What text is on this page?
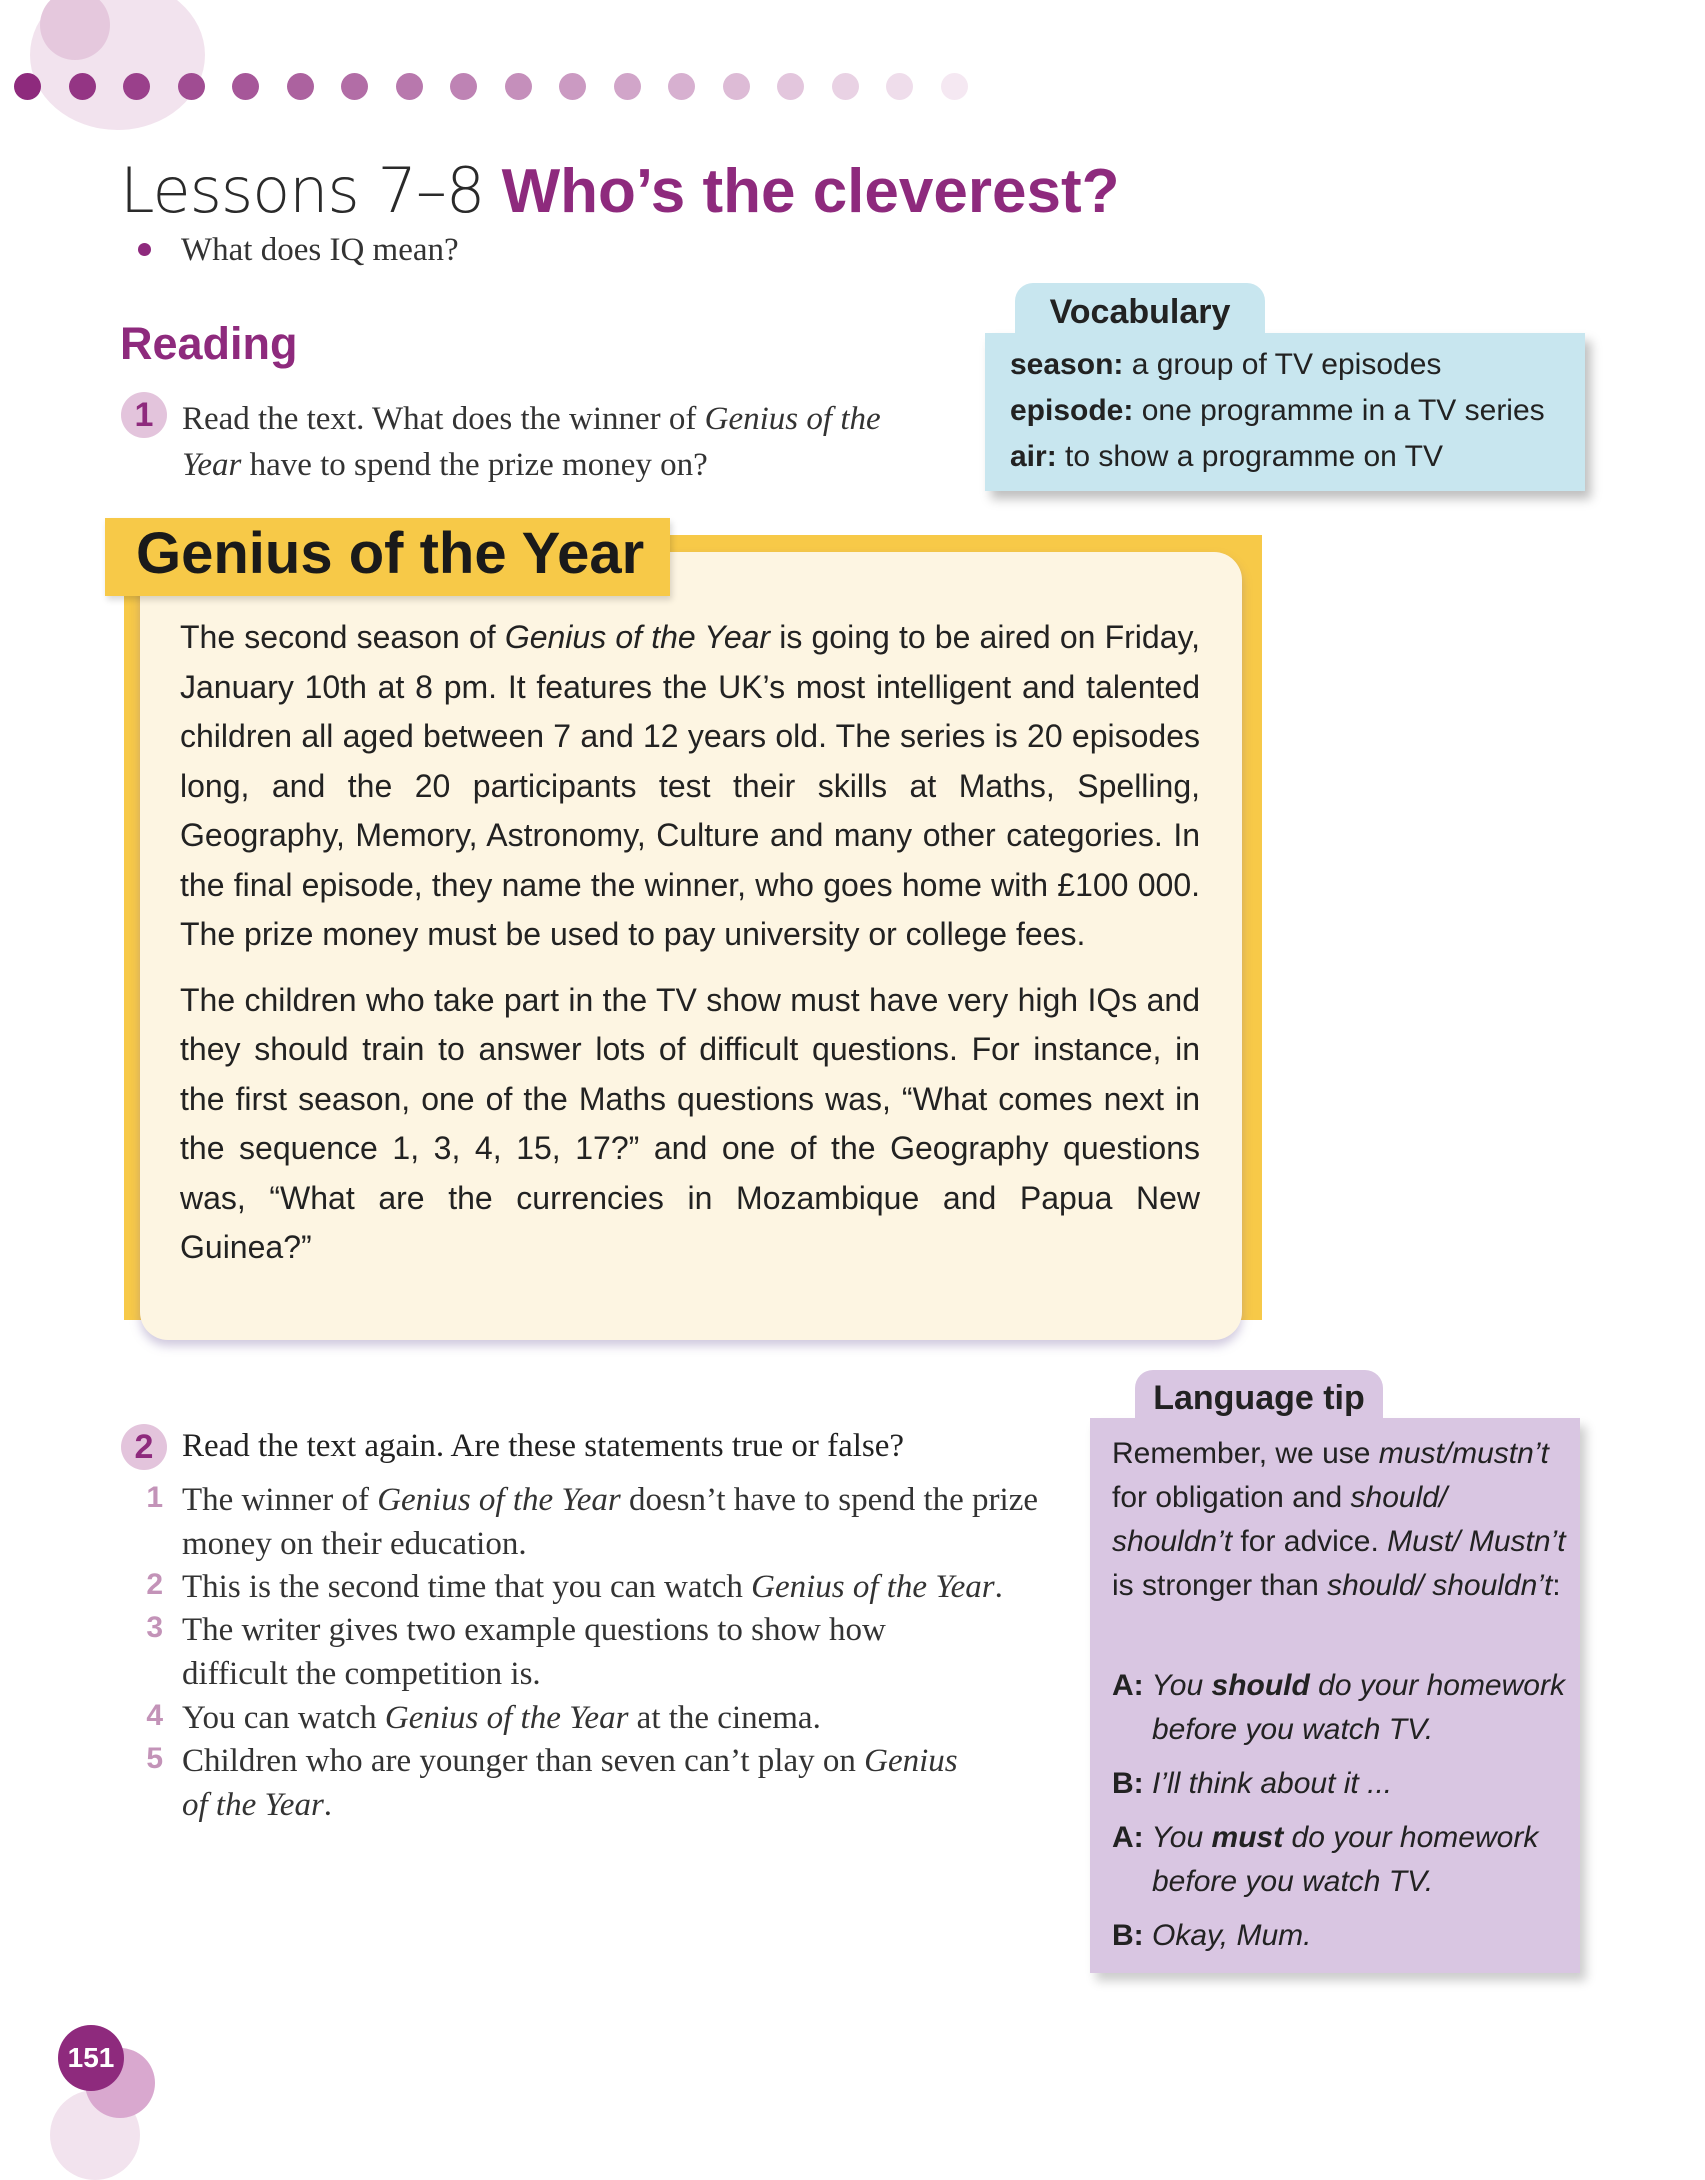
Lessons 7–8 Who’s the cleverest?
What does IQ mean?
Reading
1 Read the text. What does the winner of Genius of the Year have to spend the prize money on?
Vocabulary
season: a group of TV episodes
episode: one programme in a TV series
air: to show a programme on TV
Genius of the Year

The second season of Genius of the Year is going to be aired on Friday, January 10th at 8 pm. It features the UK’s most intelligent and talented children all aged between 7 and 12 years old. The series is 20 episodes long, and the 20 participants test their skills at Maths, Spelling, Geography, Memory, Astronomy, Culture and many other categories. In the final episode, they name the winner, who goes home with £100 000. The prize money must be used to pay university or college fees.

The children who take part in the TV show must have very high IQs and they should train to answer lots of difficult questions. For instance, in the first season, one of the Maths questions was, “What comes next in the sequence 1, 3, 4, 15, 17?” and one of the Geography questions was, “What are the currencies in Mozambique and Papua New Guinea?”

2 Read the text again. Are these statements true or false?
1 The winner of Genius of the Year doesn’t have to spend the prize money on their education.
2 This is the second time that you can watch Genius of the Year.
3 The writer gives two example questions to show how difficult the competition is.
4 You can watch Genius of the Year at the cinema.
5 Children who are younger than seven can’t play on Genius of the Year.
Language tip
Remember, we use must/mustn’t for obligation and should/ shouldn’t for advice. Must/ Mustn’t is stronger than should/ shouldn’t:
A: You should do your homework
before you watch TV.
B: I’ll think about it ...
A: You must do your homework
before you watch TV.
B: Okay, Mum.
151
